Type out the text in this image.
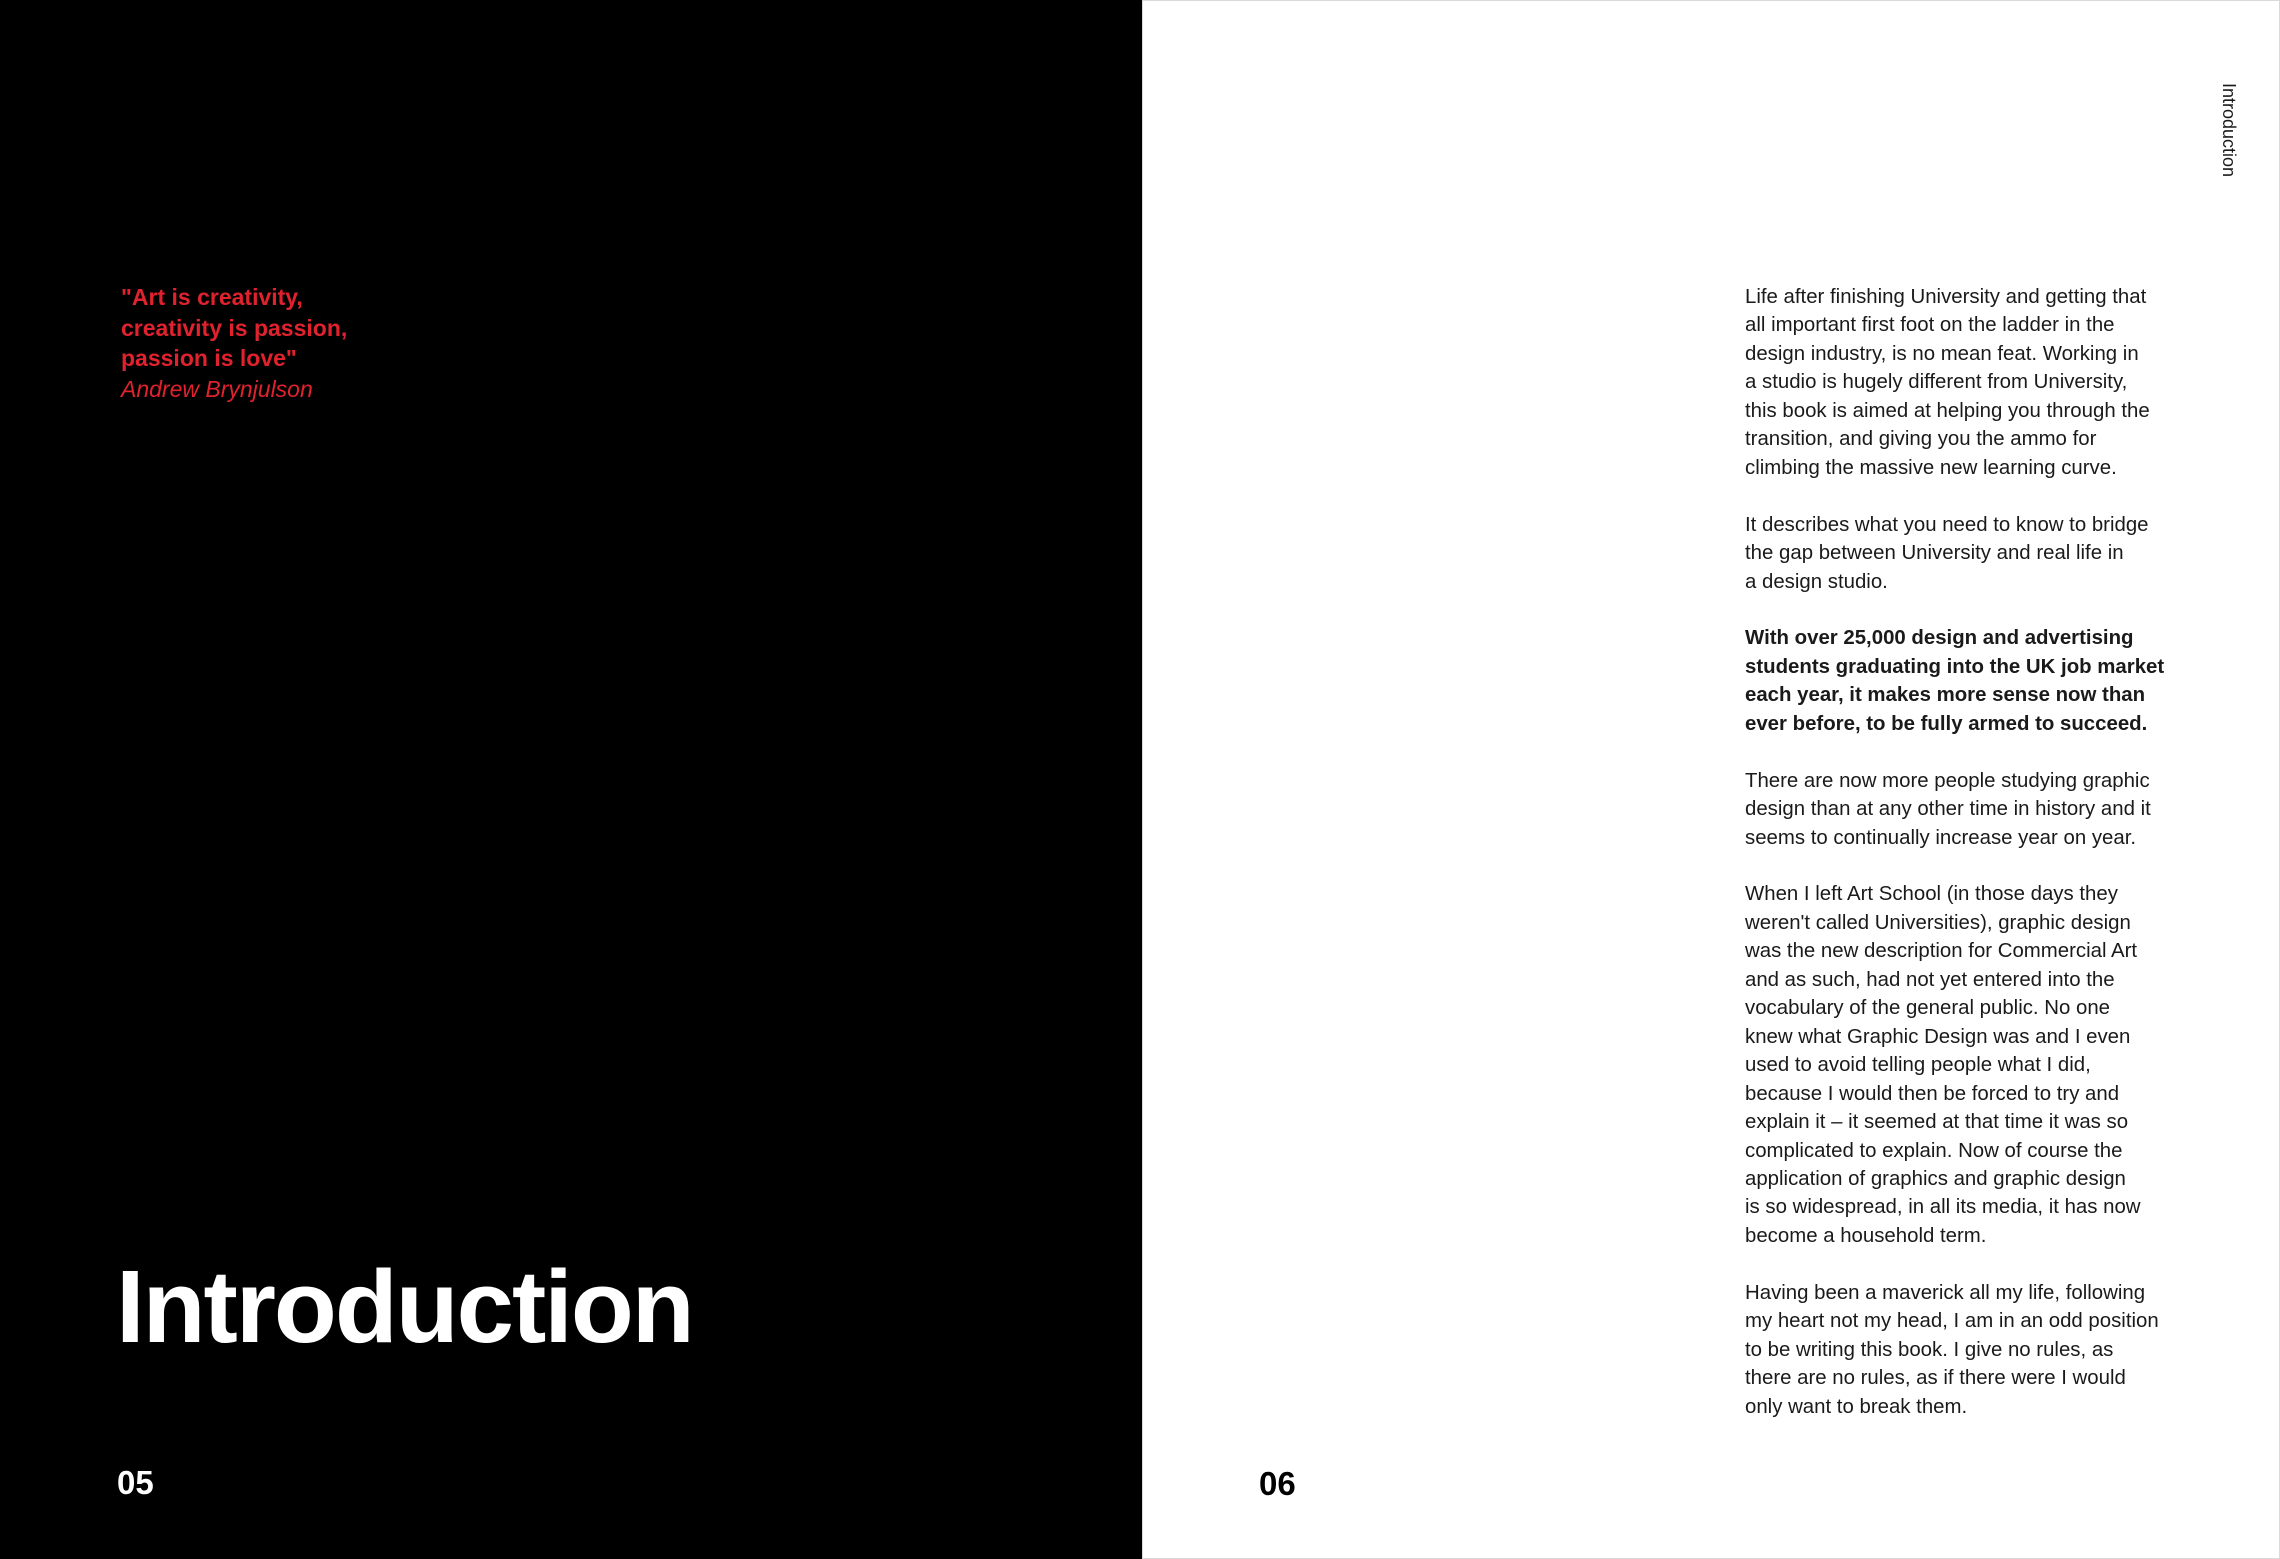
"Art is creativity,
creativity is passion,
passion is love"
Andrew Brynjulson
Introduction
05
Introduction

Life after finishing University and getting that
all important first foot on the ladder in the
design industry, is no mean feat. Working in
a studio is hugely different from University,
this book is aimed at helping you through the
transition, and giving you the ammo for
climbing the massive new learning curve.

It describes what you need to know to bridge
the gap between University and real life in
a design studio.

With over 25,000 design and advertising
students graduating into the UK job market
each year, it makes more sense now than
ever before, to be fully armed to succeed.

There are now more people studying graphic
design than at any other time in history and it
seems to continually increase year on year.

When I left Art School (in those days they
weren't called Universities), graphic design
was the new description for Commercial Art
and as such, had not yet entered into the
vocabulary of the general public. No one
knew what Graphic Design was and I even
used to avoid telling people what I did,
because I would then be forced to try and
explain it – it seemed at that time it was so
complicated to explain. Now of course the
application of graphics and graphic design
is so widespread, in all its media, it has now
become a household term.

Having been a maverick all my life, following
my heart not my head, I am in an odd position
to be writing this book. I give no rules, as
there are no rules, as if there were I would
only want to break them.

06
